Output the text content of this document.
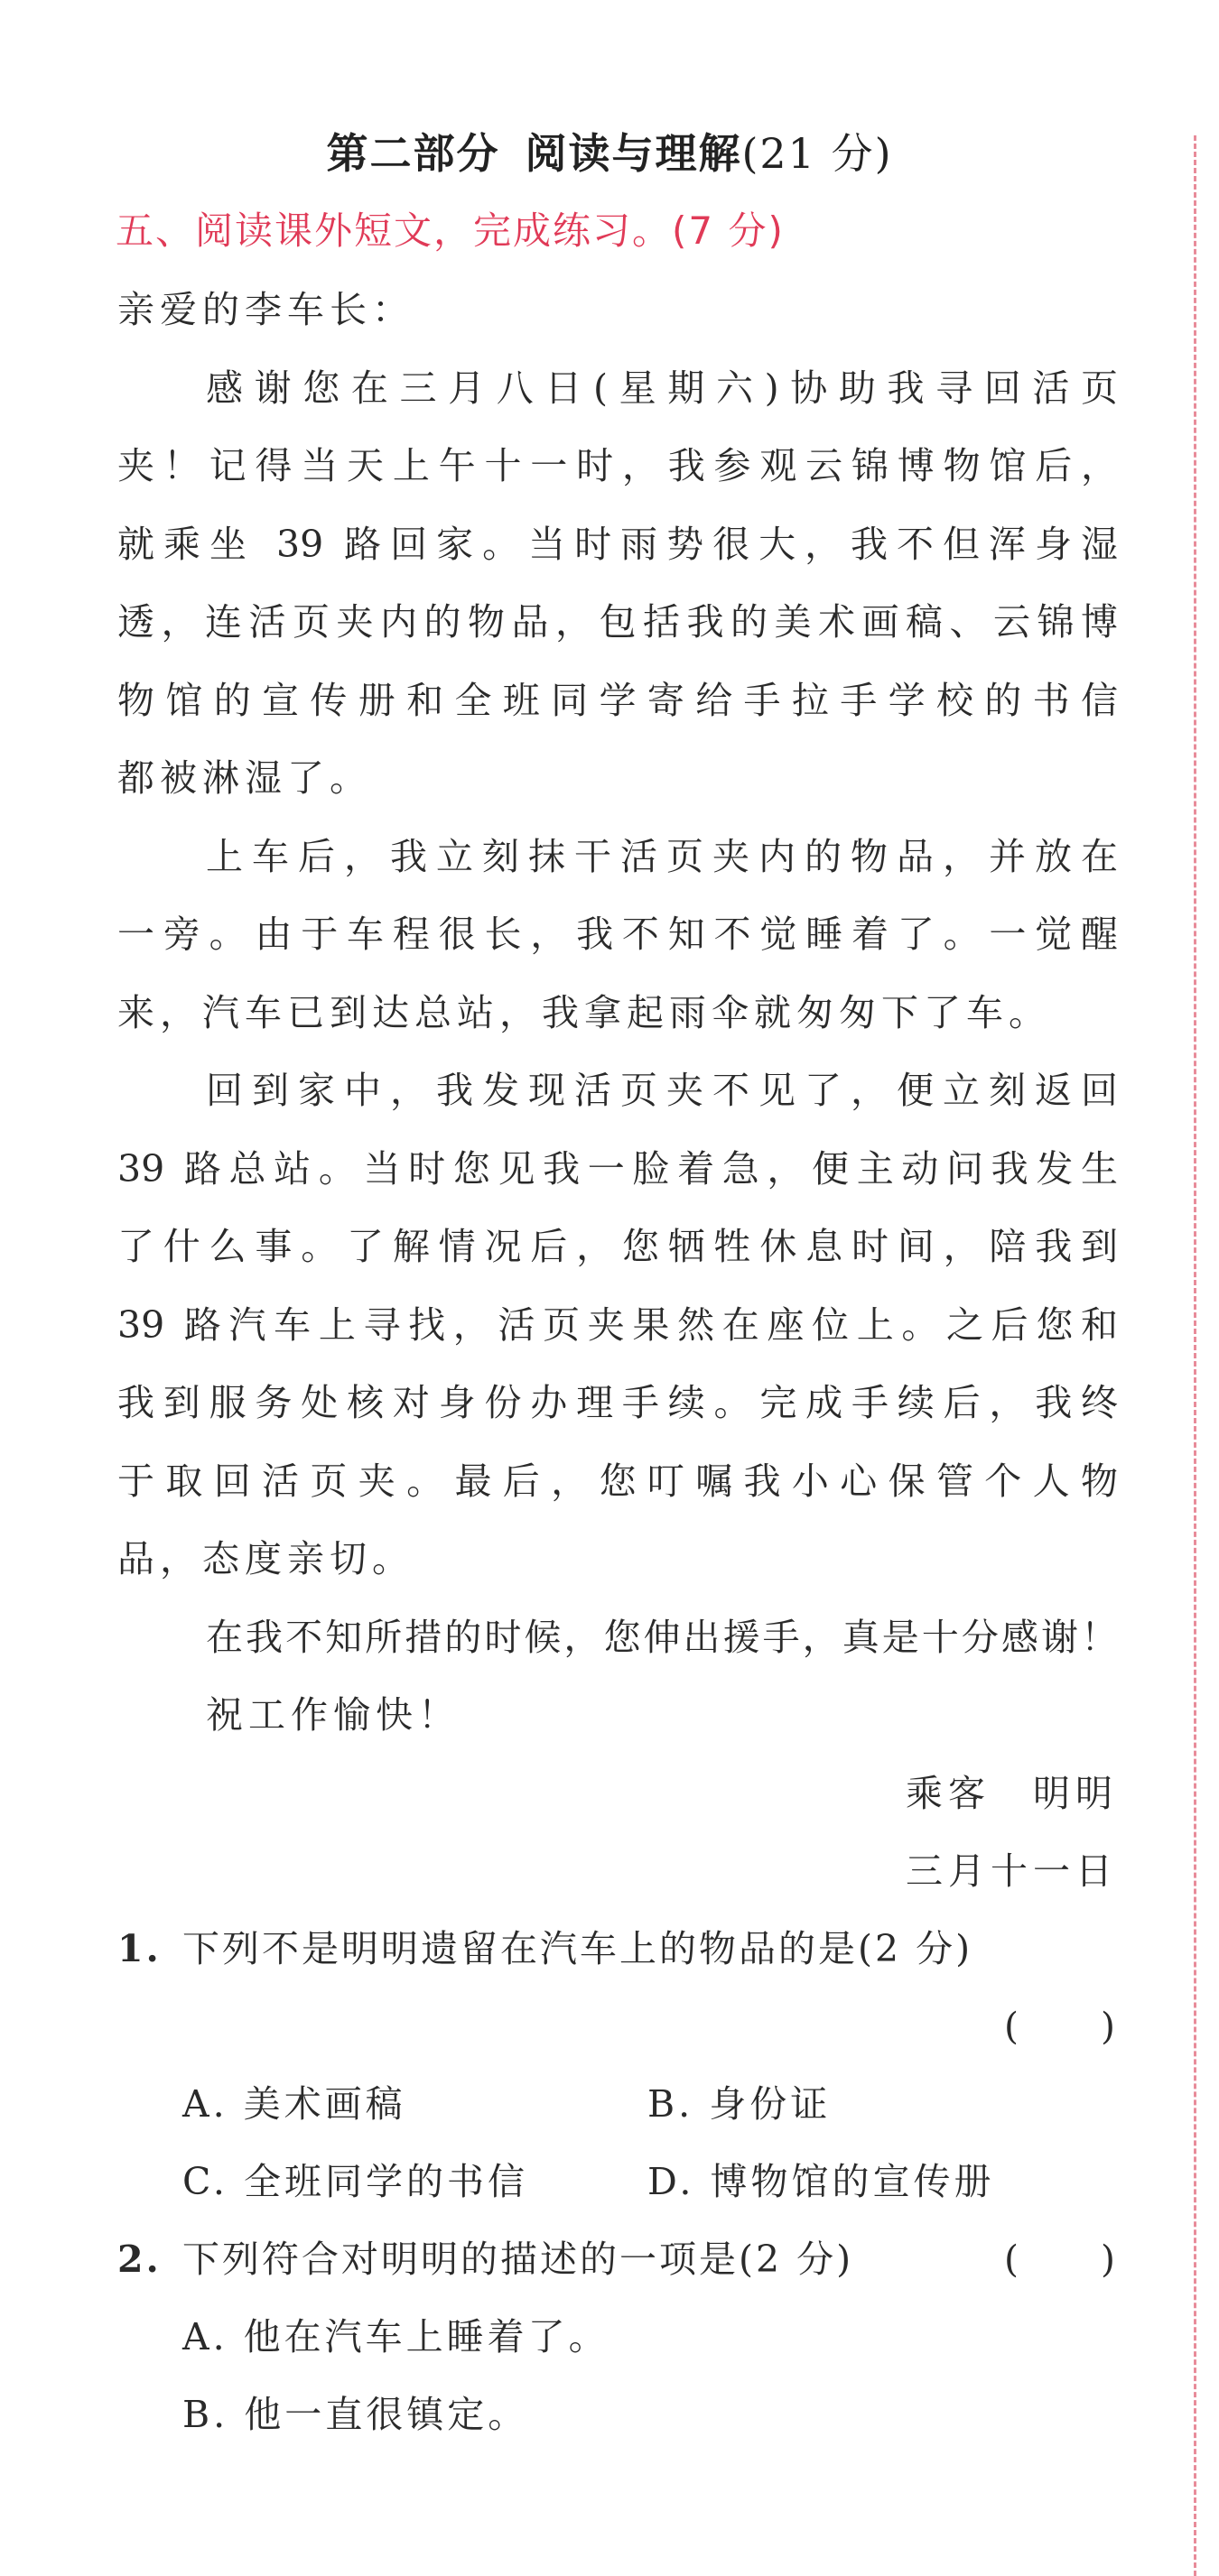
第二部分 阅读与理解(21 分)
五、阅读课外短文，完成练习。(7 分)
亲爱的李车长：
感谢您在三月八日(星期六)协助我寻回活页
夹！记得当天上午十一时，我参观云锦博物馆后，
就乘坐 39 路回家。当时雨势很大，我不但浑身湿
透，连活页夹内的物品，包括我的美术画稿、云锦博
物馆的宣传册和全班同学寄给手拉手学校的书信
都被淋湿了。
上车后，我立刻抹干活页夹内的物品，并放在
一旁。由于车程很长，我不知不觉睡着了。一觉醒
来，汽车已到达总站，我拿起雨伞就匆匆下了车。
回到家中，我发现活页夹不见了，便立刻返回
39 路总站。当时您见我一脸着急，便主动问我发生
了什么事。了解情况后，您牺牲休息时间，陪我到
39 路汽车上寻找，活页夹果然在座位上。之后您和
我到服务处核对身份办理手续。完成手续后，我终
于取回活页夹。最后，您叮嘱我小心保管个人物
品，态度亲切。
在我不知所措的时候，您伸出援手，真是十分感谢！
祝工作愉快！
乘客　明明
三月十一日
1. 下列不是明明遗留在汽车上的物品的是(2 分)
(　　)
A. 美术画稿	B. 身份证
C. 全班同学的书信	D. 博物馆的宣传册
2. 下列符合对明明的描述的一项是(2 分)	(　　)
A. 他在汽车上睡着了。
B. 他一直很镇定。
